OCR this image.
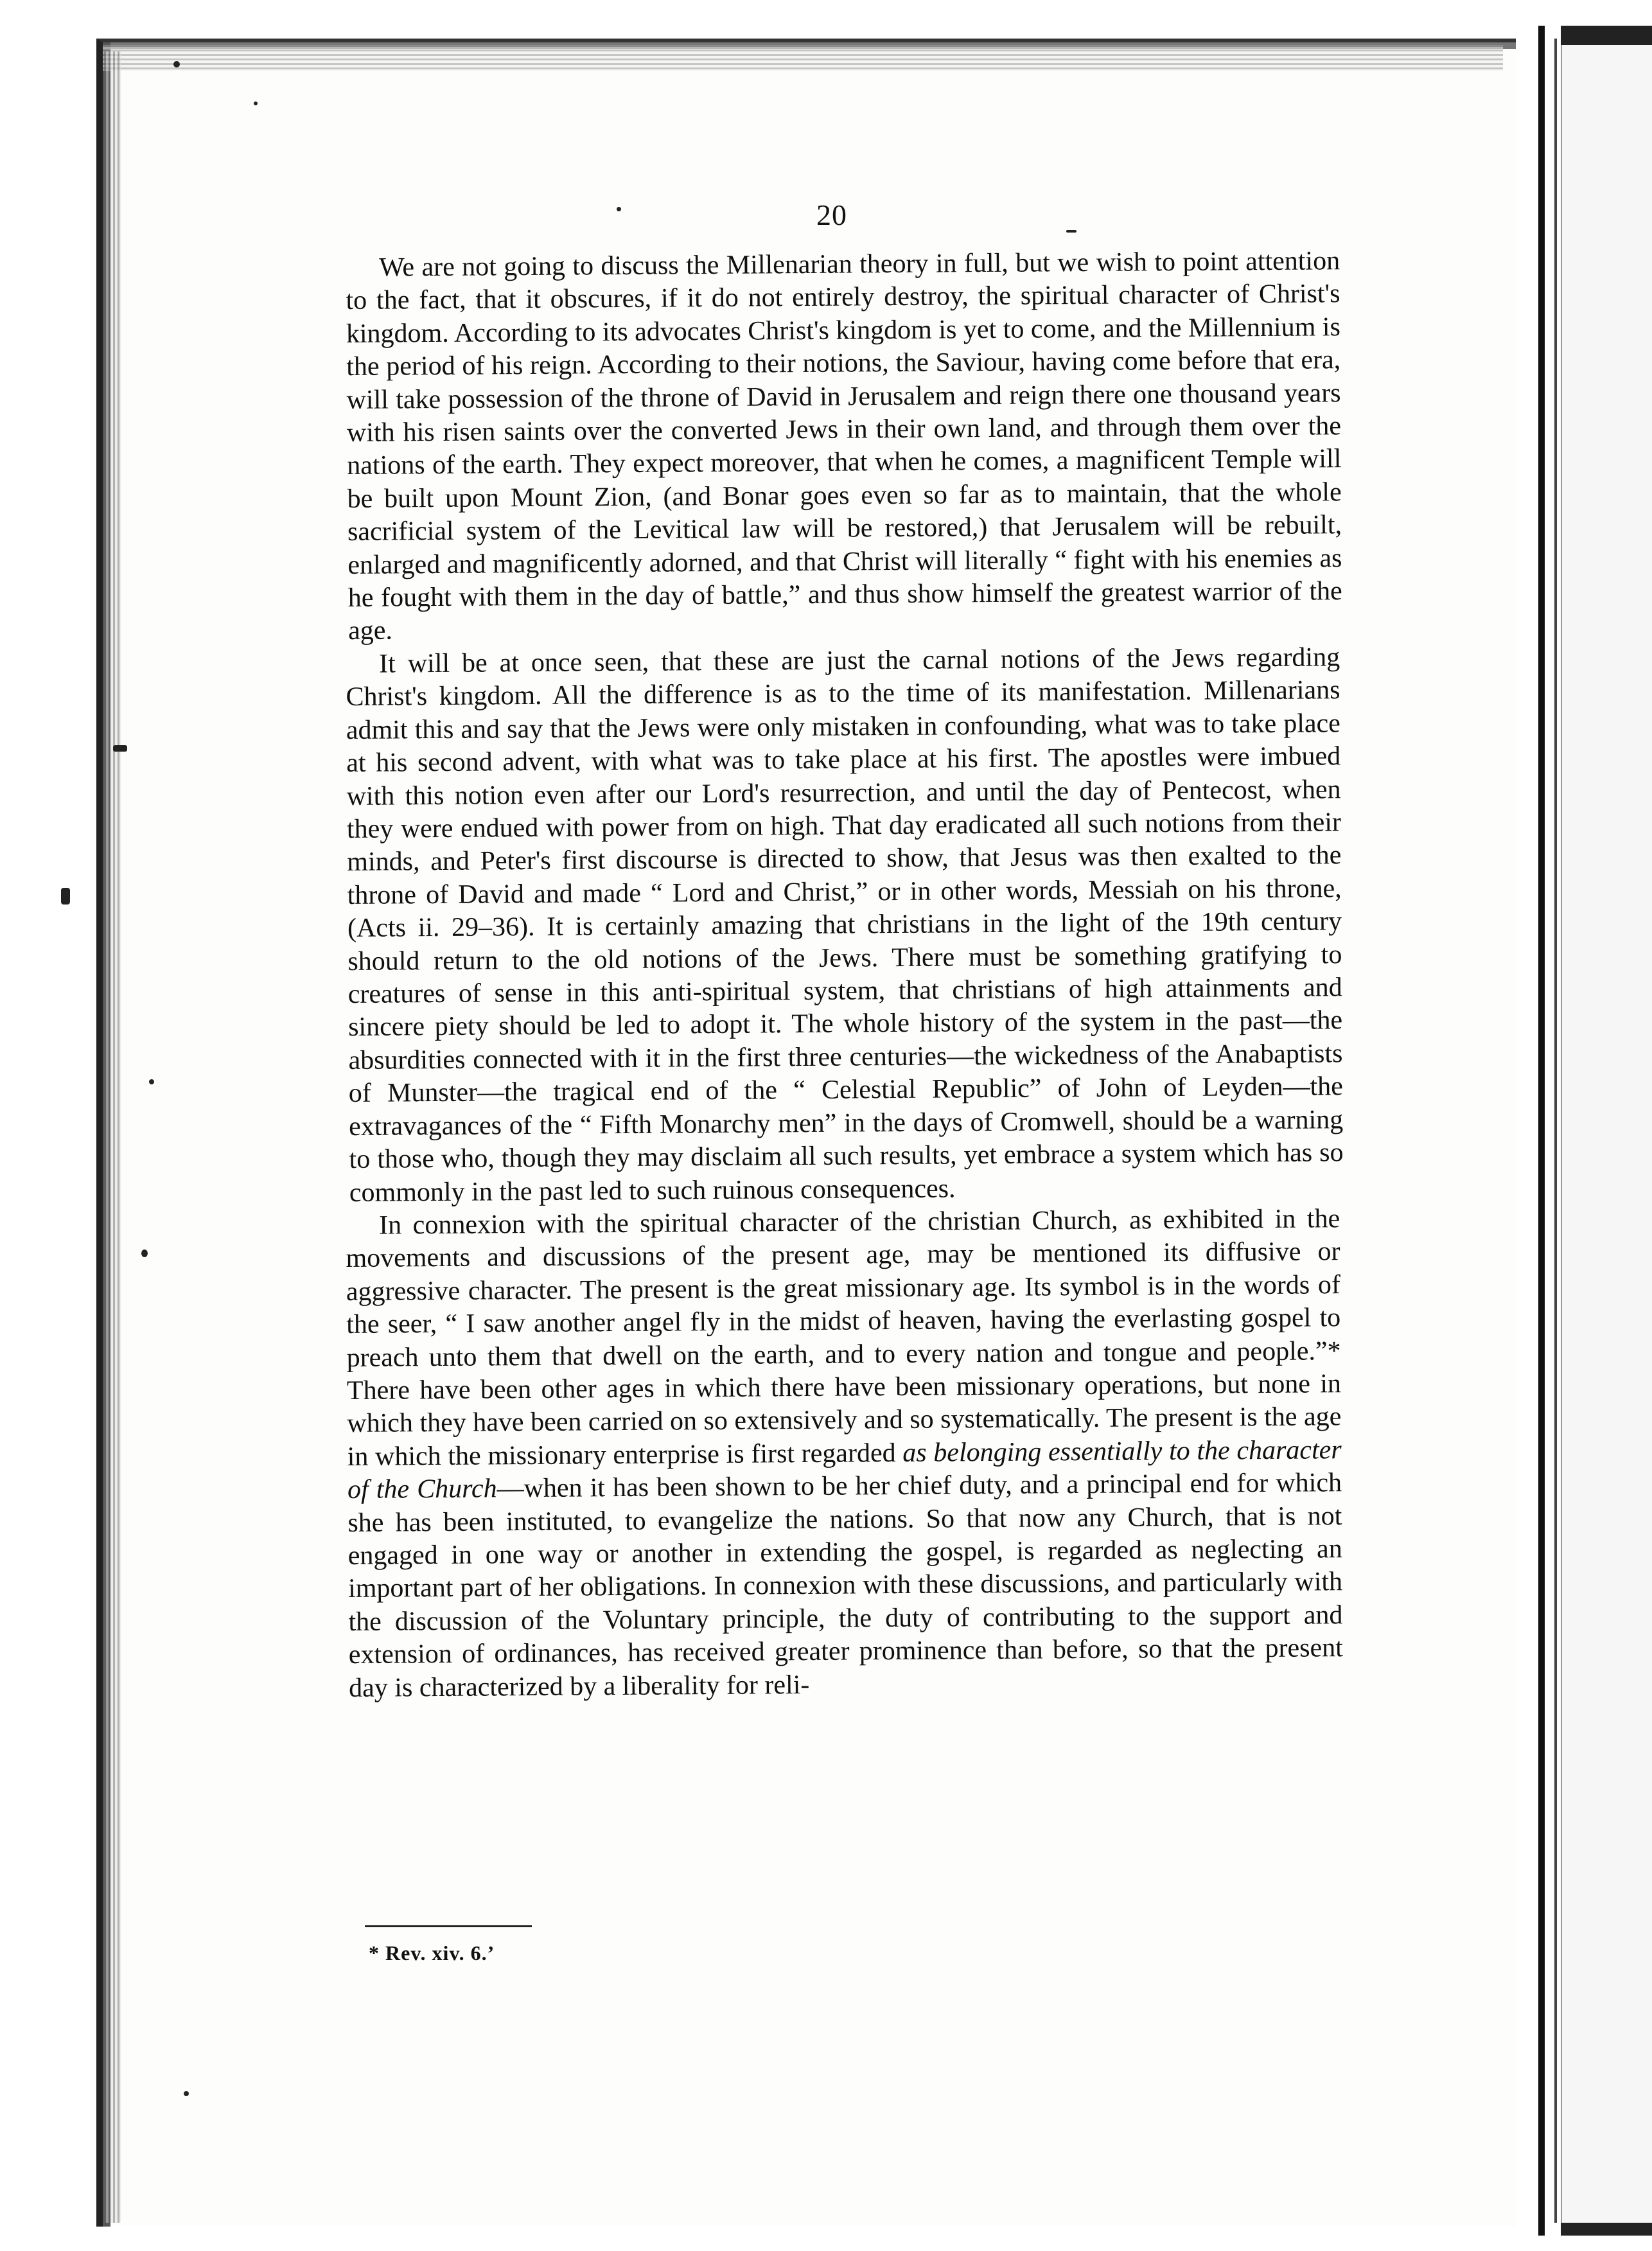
20

We are not going to discuss the Millenarian theory in full, but we wish to point attention to the fact, that it obscures, if it do not entirely destroy, the spiritual character of Christ's kingdom. According to its advocates Christ's kingdom is yet to come, and the Millennium is the period of his reign. According to their notions, the Saviour, having come before that era, will take possession of the throne of David in Jerusalem and reign there one thousand years with his risen saints over the converted Jews in their own land, and through them over the nations of the earth. They expect moreover, that when he comes, a magnificent Temple will be built upon Mount Zion, (and Bonar goes even so far as to maintain, that the whole sacrificial system of the Levitical law will be restored,) that Jerusalem will be rebuilt, enlarged and magnificently adorned, and that Christ will literally “ fight with his enemies as he fought with them in the day of battle,” and thus show himself the greatest warrior of the age.

It will be at once seen, that these are just the carnal notions of the Jews regarding Christ's kingdom. All the difference is as to the time of its manifestation. Millenarians admit this and say that the Jews were only mistaken in confounding, what was to take place at his second advent, with what was to take place at his first. The apostles were imbued with this notion even after our Lord's resurrection, and until the day of Pentecost, when they were endued with power from on high. That day eradicated all such notions from their minds, and Peter's first discourse is directed to show, that Jesus was then exalted to the throne of David and made “ Lord and Christ,” or in other words, Messiah on his throne, (Acts ii. 29–36). It is certainly amazing that christians in the light of the 19th century should return to the old notions of the Jews. There must be something gratifying to creatures of sense in this anti-spiritual system, that christians of high attainments and sincere piety should be led to adopt it. The whole history of the system in the past—the absurdities connected with it in the first three centuries—the wickedness of the Anabaptists of Munster—the tragical end of the “ Celestial Republic” of John of Leyden—the extravagances of the “ Fifth Monarchy men” in the days of Cromwell, should be a warning to those who, though they may disclaim all such results, yet embrace a system which has so commonly in the past led to such ruinous consequences.

In connexion with the spiritual character of the christian Church, as exhibited in the movements and discussions of the present age, may be mentioned its diffusive or aggressive character. The present is the great missionary age. Its symbol is in the words of the seer, “ I saw another angel fly in the midst of heaven, having the everlasting gospel to preach unto them that dwell on the earth, and to every nation and tongue and people.”* There have been other ages in which there have been missionary operations, but none in which they have been carried on so extensively and so systematically. The present is the age in which the missionary enterprise is first regarded as belonging essentially to the character of the Church—when it has been shown to be her chief duty, and a principal end for which she has been instituted, to evangelize the nations. So that now any Church, that is not engaged in one way or another in extending the gospel, is regarded as neglecting an important part of her obligations. In connexion with these discussions, and particularly with the discussion of the Voluntary principle, the duty of contributing to the support and extension of ordinances, has received greater prominence than before, so that the present day is characterized by a liberality for reli-

* Rev. xiv. 6.ʼ
